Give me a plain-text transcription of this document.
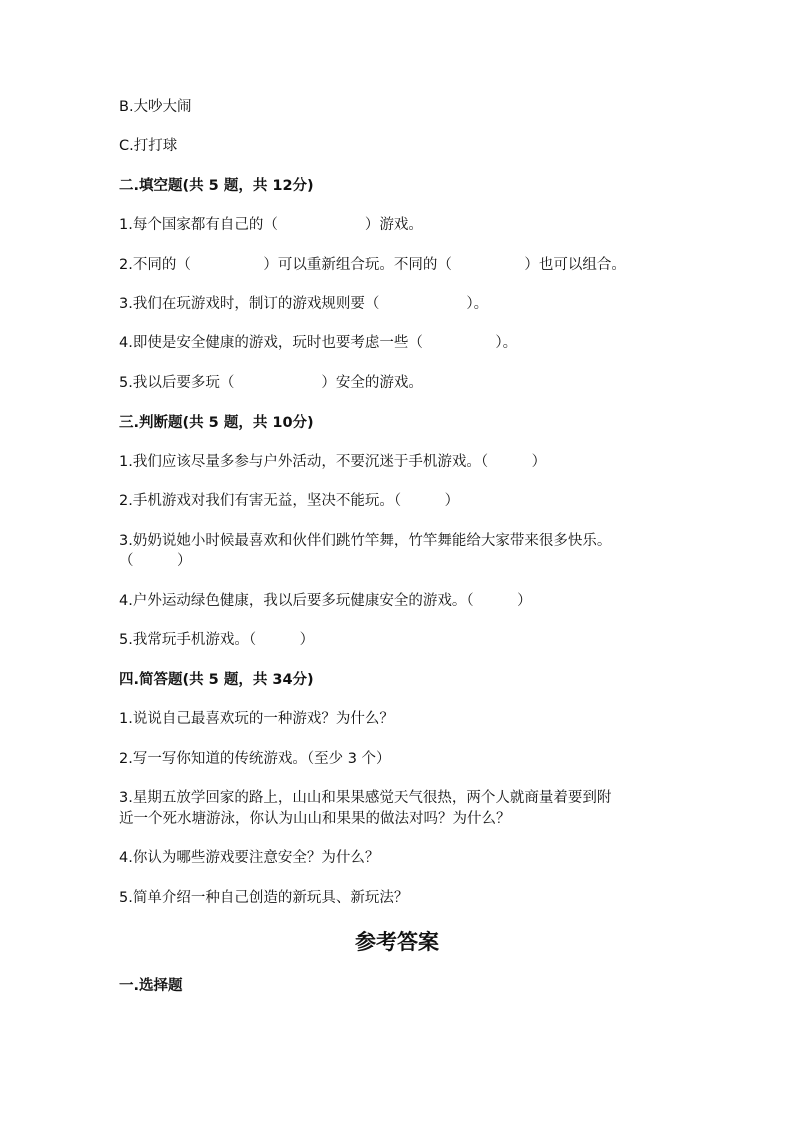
B.大吵大闹
C.打打球
二.填空题(共 5 题，共 12分)
1.每个国家都有自己的（　　　　　　）游戏。
2.不同的（　　　　　）可以重新组合玩。不同的（　　　　　）也可以组合。
3.我们在玩游戏时，制订的游戏规则要（　　　　　　）。
4.即使是安全健康的游戏，玩时也要考虑一些（　　　　　）。
5.我以后要多玩（　　　　　　）安全的游戏。
三.判断题(共 5 题，共 10分)
1.我们应该尽量多参与户外活动，不要沉迷于手机游戏。（　　　）
2.手机游戏对我们有害无益，坚决不能玩。（　　　）
3.奶奶说她小时候最喜欢和伙伴们跳竹竿舞，竹竿舞能给大家带来很多快乐。
（　　　）
4.户外运动绿色健康，我以后要多玩健康安全的游戏。（　　　）
5.我常玩手机游戏。（　　　）
四.简答题(共 5 题，共 34分)
1.说说自己最喜欢玩的一种游戏？为什么？
2.写一写你知道的传统游戏。（至少 3 个）
3.星期五放学回家的路上，山山和果果感觉天气很热，两个人就商量着要到附
近一个死水塘游泳，你认为山山和果果的做法对吗？为什么？
4.你认为哪些游戏要注意安全？为什么？
5.简单介绍一种自己创造的新玩具、新玩法？
参考答案
一.选择题
